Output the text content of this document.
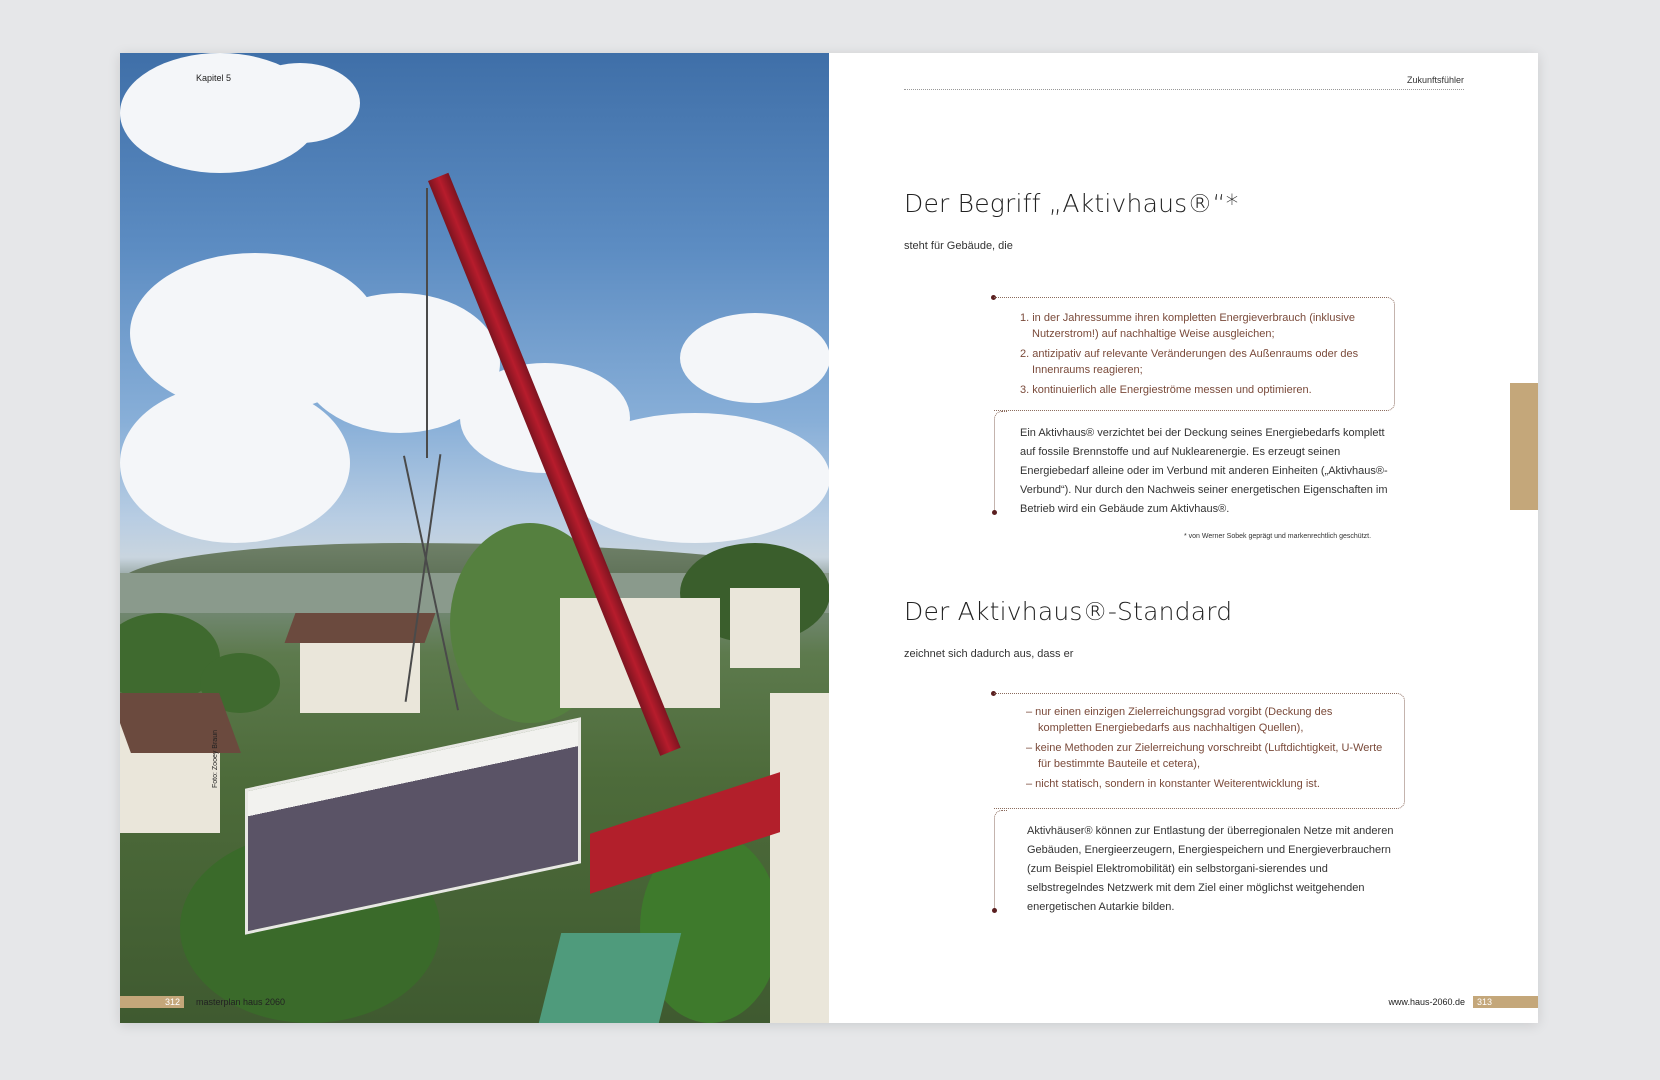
Kapitel 5
Foto: Zooey Braun
312	masterplan haus 2060
Zukunftsfühler
Der Begriff „Aktivhaus®“*
steht für Gebäude, die
1. in der Jahressumme ihren kompletten Energieverbrauch (inklusive Nutzerstrom!) auf nachhaltige Weise ausgleichen;
2. antizipativ auf relevante Veränderungen des Außenraums oder des Innenraums reagieren;
3. kontinuierlich alle Energieströme messen und optimieren.
Ein Aktivhaus® verzichtet bei der Deckung seines Energiebedarfs komplett auf fossile Brennstoffe und auf Nuklearenergie. Es erzeugt seinen Energiebedarf alleine oder im Verbund mit anderen Einheiten („Aktivhaus®-Verbund“). Nur durch den Nachweis seiner energetischen Eigenschaften im Betrieb wird ein Gebäude zum Aktivhaus®.
* von Werner Sobek geprägt und markenrechtlich geschützt.
Der Aktivhaus®-Standard
zeichnet sich dadurch aus, dass er
– nur einen einzigen Zielerreichungsgrad vorgibt (Deckung des kompletten Energiebedarfs aus nachhaltigen Quellen),
– keine Methoden zur Zielerreichung vorschreibt (Luftdichtigkeit, U-Werte für bestimmte Bauteile et cetera),
– nicht statisch, sondern in konstanter Weiterentwicklung ist.
Aktivhäuser® können zur Entlastung der überregionalen Netze mit anderen Gebäuden, Energieerzeugern, Energiespeichern und Energieverbrauchern (zum Beispiel Elektromobilität) ein selbstorgani-sierendes und selbstregelndes Netzwerk mit dem Ziel einer möglichst weitgehenden energetischen Autarkie bilden.
www.haus-2060.de	313
